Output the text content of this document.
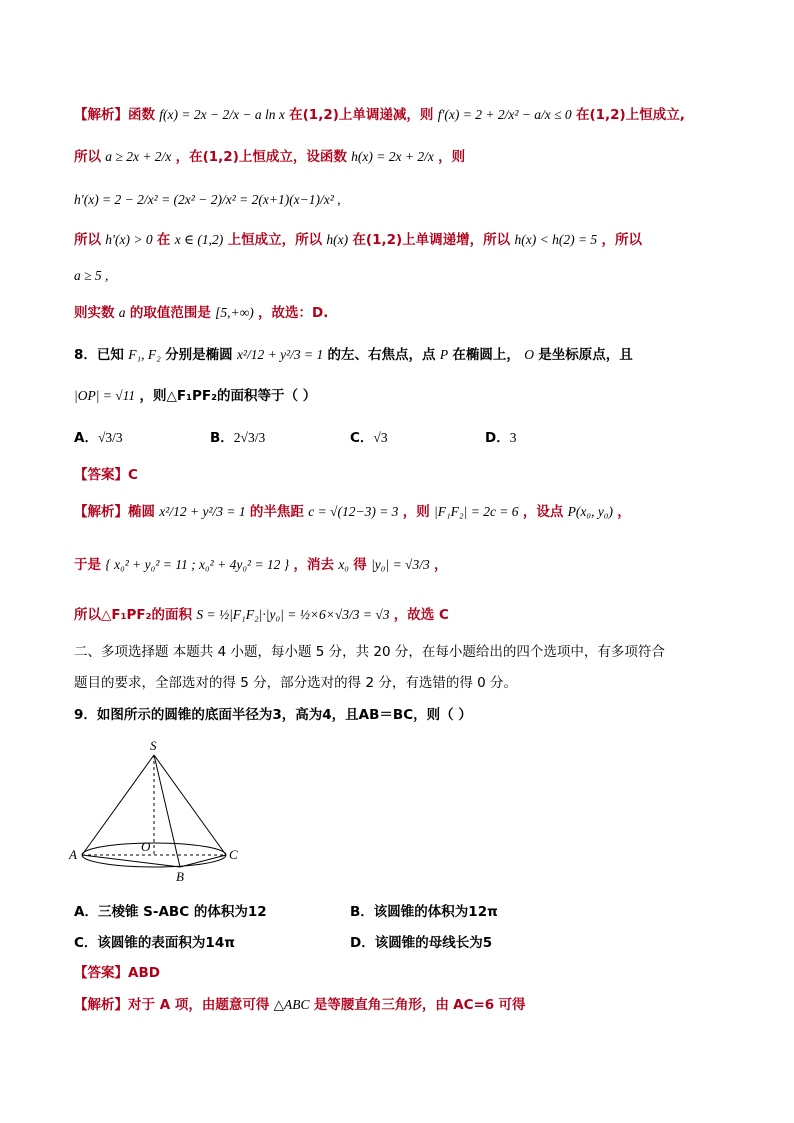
【解析】函数 f(x) = 2x − 2/x − a ln x 在(1,2)上单调递减，则 f′(x) = 2 + 2/x² − a/x ≤ 0 在(1,2)上恒成立,
所以 a ≥ 2x + 2/x ，在(1,2)上恒成立，设函数 h(x) = 2x + 2/x ，则
h′(x) = 2 − 2/x² = (2x² − 2)/x² = 2(x+1)(x−1)/x² ,
所以 h′(x) > 0 在 x ∈ (1,2) 上恒成立，所以 h(x) 在(1,2)上单调递增，所以 h(x) < h(2) = 5 ，所以
a ≥ 5 ,
则实数 a 的取值范围是 [5,+∞) ，故选：D.
8．已知 F₁, F₂ 分别是椭圆 x²/12 + y²/3 = 1 的左、右焦点，点 P 在椭圆上， O 是坐标原点，且
|OP| = √11 ，则△F₁PF₂的面积等于（ ）
A．√3/3	B．2√3/3	C．√3	D．3
【答案】C
【解析】椭圆 x²/12 + y²/3 = 1 的半焦距 c = √(12−3) = 3 ，则 |F₁F₂| = 2c = 6 ，设点 P(x₀, y₀) ，
于是 { x₀² + y₀² = 11 ; x₀² + 4y₀² = 12 } ，消去 x₀ 得 |y₀| = √3/3 ，
所以△F₁PF₂的面积 S = ½|F₁F₂|·|y₀| = ½×6×√3/3 = √3 ，故选 C
二、多项选择题 本题共 4 小题，每小题 5 分，共 20 分，在每小题给出的四个选项中，有多项符合
题目的要求，全部选对的得 5 分，部分选对的得 2 分，有选错的得 0 分。
9．如图所示的圆锥的底面半径为3，高为4，且AB＝BC，则（ ）
S
O
A
B
C
A．三棱锥 S-ABC 的体积为12	B．该圆锥的体积为12π
C．该圆锥的表面积为14π	D．该圆锥的母线长为5
【答案】ABD
【解析】对于 A 项，由题意可得 △ABC 是等腰直角三角形，由 AC=6 可得
